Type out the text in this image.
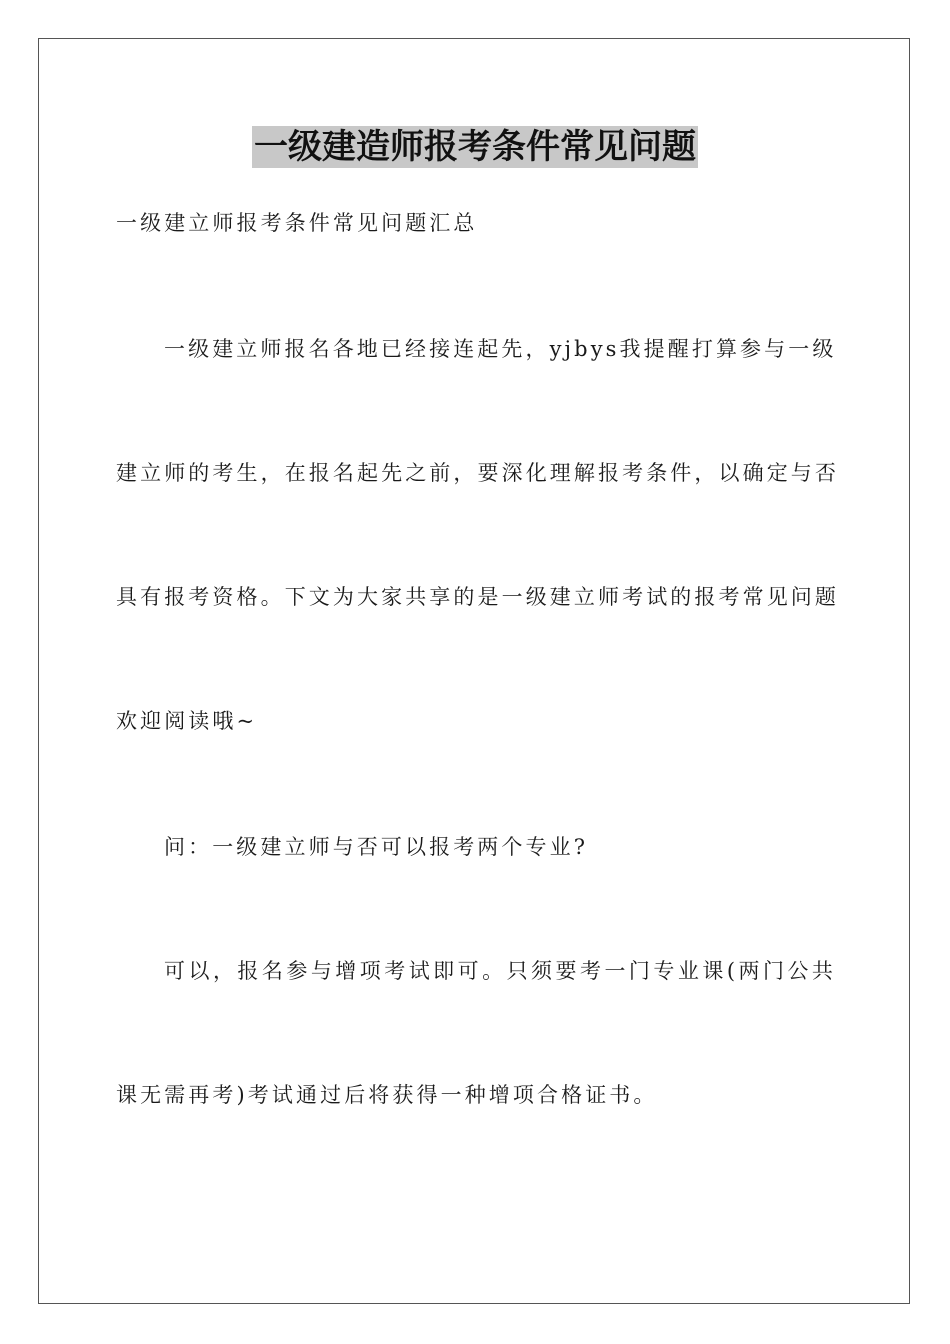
一级建造师报考条件常见问题
一级建立师报考条件常见问题汇总
一级建立师报名各地已经接连起先，yjbys我提醒打算参与一级
建立师的考生，在报名起先之前，要深化理解报考条件，以确定与否
具有报考资格。下文为大家共享的是一级建立师考试的报考常见问题
欢迎阅读哦~
问：一级建立师与否可以报考两个专业?
可以，报名参与增项考试即可。只须要考一门专业课(两门公共
课无需再考)考试通过后将获得一种增项合格证书。
